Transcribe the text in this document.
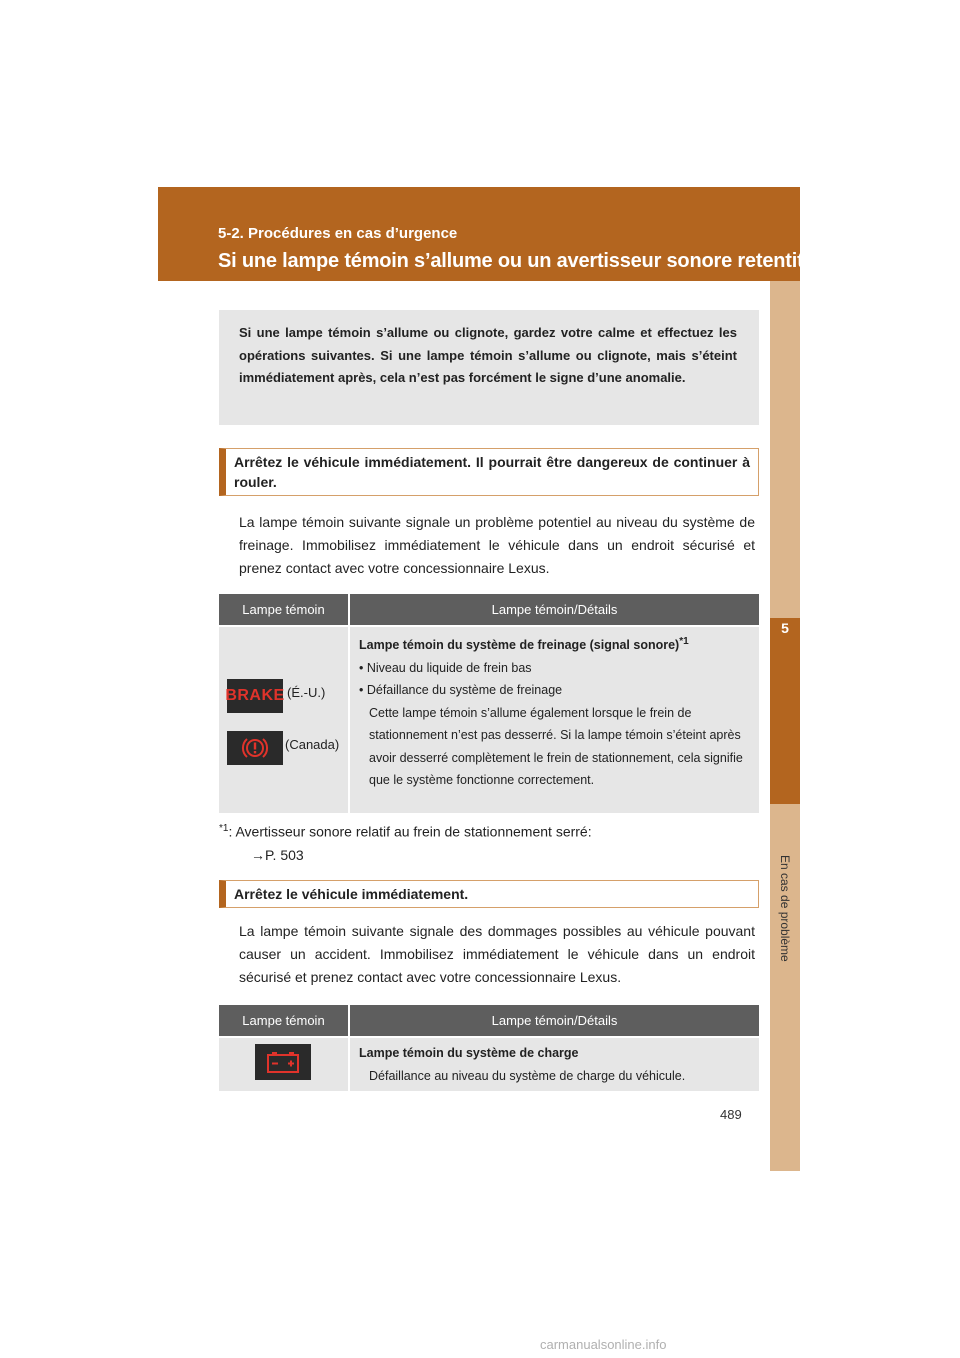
5-2. Procédures en cas d’urgence
Si une lampe témoin s’allume ou un avertisseur sonore retentit...
5
En cas de problème
Si une lampe témoin s’allume ou clignote, gardez votre calme et effectuez les opérations suivantes. Si une lampe témoin s’allume ou clignote, mais s’éteint immédiatement après, cela n’est pas forcément le signe d’une anomalie.
Arrêtez le véhicule immédiatement. Il pourrait être dangereux de continuer à rouler.
La lampe témoin suivante signale un problème potentiel au niveau du système de freinage. Immobilisez immédiatement le véhicule dans un endroit sécurisé et prenez contact avec votre concessionnaire Lexus.
Lampe témoin	Lampe témoin/Détails
BRAKE (É.-U.)
(Canada)
Lampe témoin du système de freinage (signal sonore)$^{*1}$
• Niveau du liquide de frein bas
• Défaillance du système de freinage
Cette lampe témoin s’allume également lorsque le frein de stationnement n’est pas desserré. Si la lampe témoin s’éteint après avoir desserré complètement le frein de stationnement, cela signifie que le système fonctionne correctement.
$^{*1}$: Avertisseur sonore relatif au frein de stationnement serré:
→P. 503
Arrêtez le véhicule immédiatement.
La lampe témoin suivante signale des dommages possibles au véhicule pouvant causer un accident. Immobilisez immédiatement le véhicule dans un endroit sécurisé et prenez contact avec votre concessionnaire Lexus.
Lampe témoin	Lampe témoin/Détails
Lampe témoin du système de charge
Défaillance au niveau du système de charge du véhicule.
489
carmanualsonline.info
